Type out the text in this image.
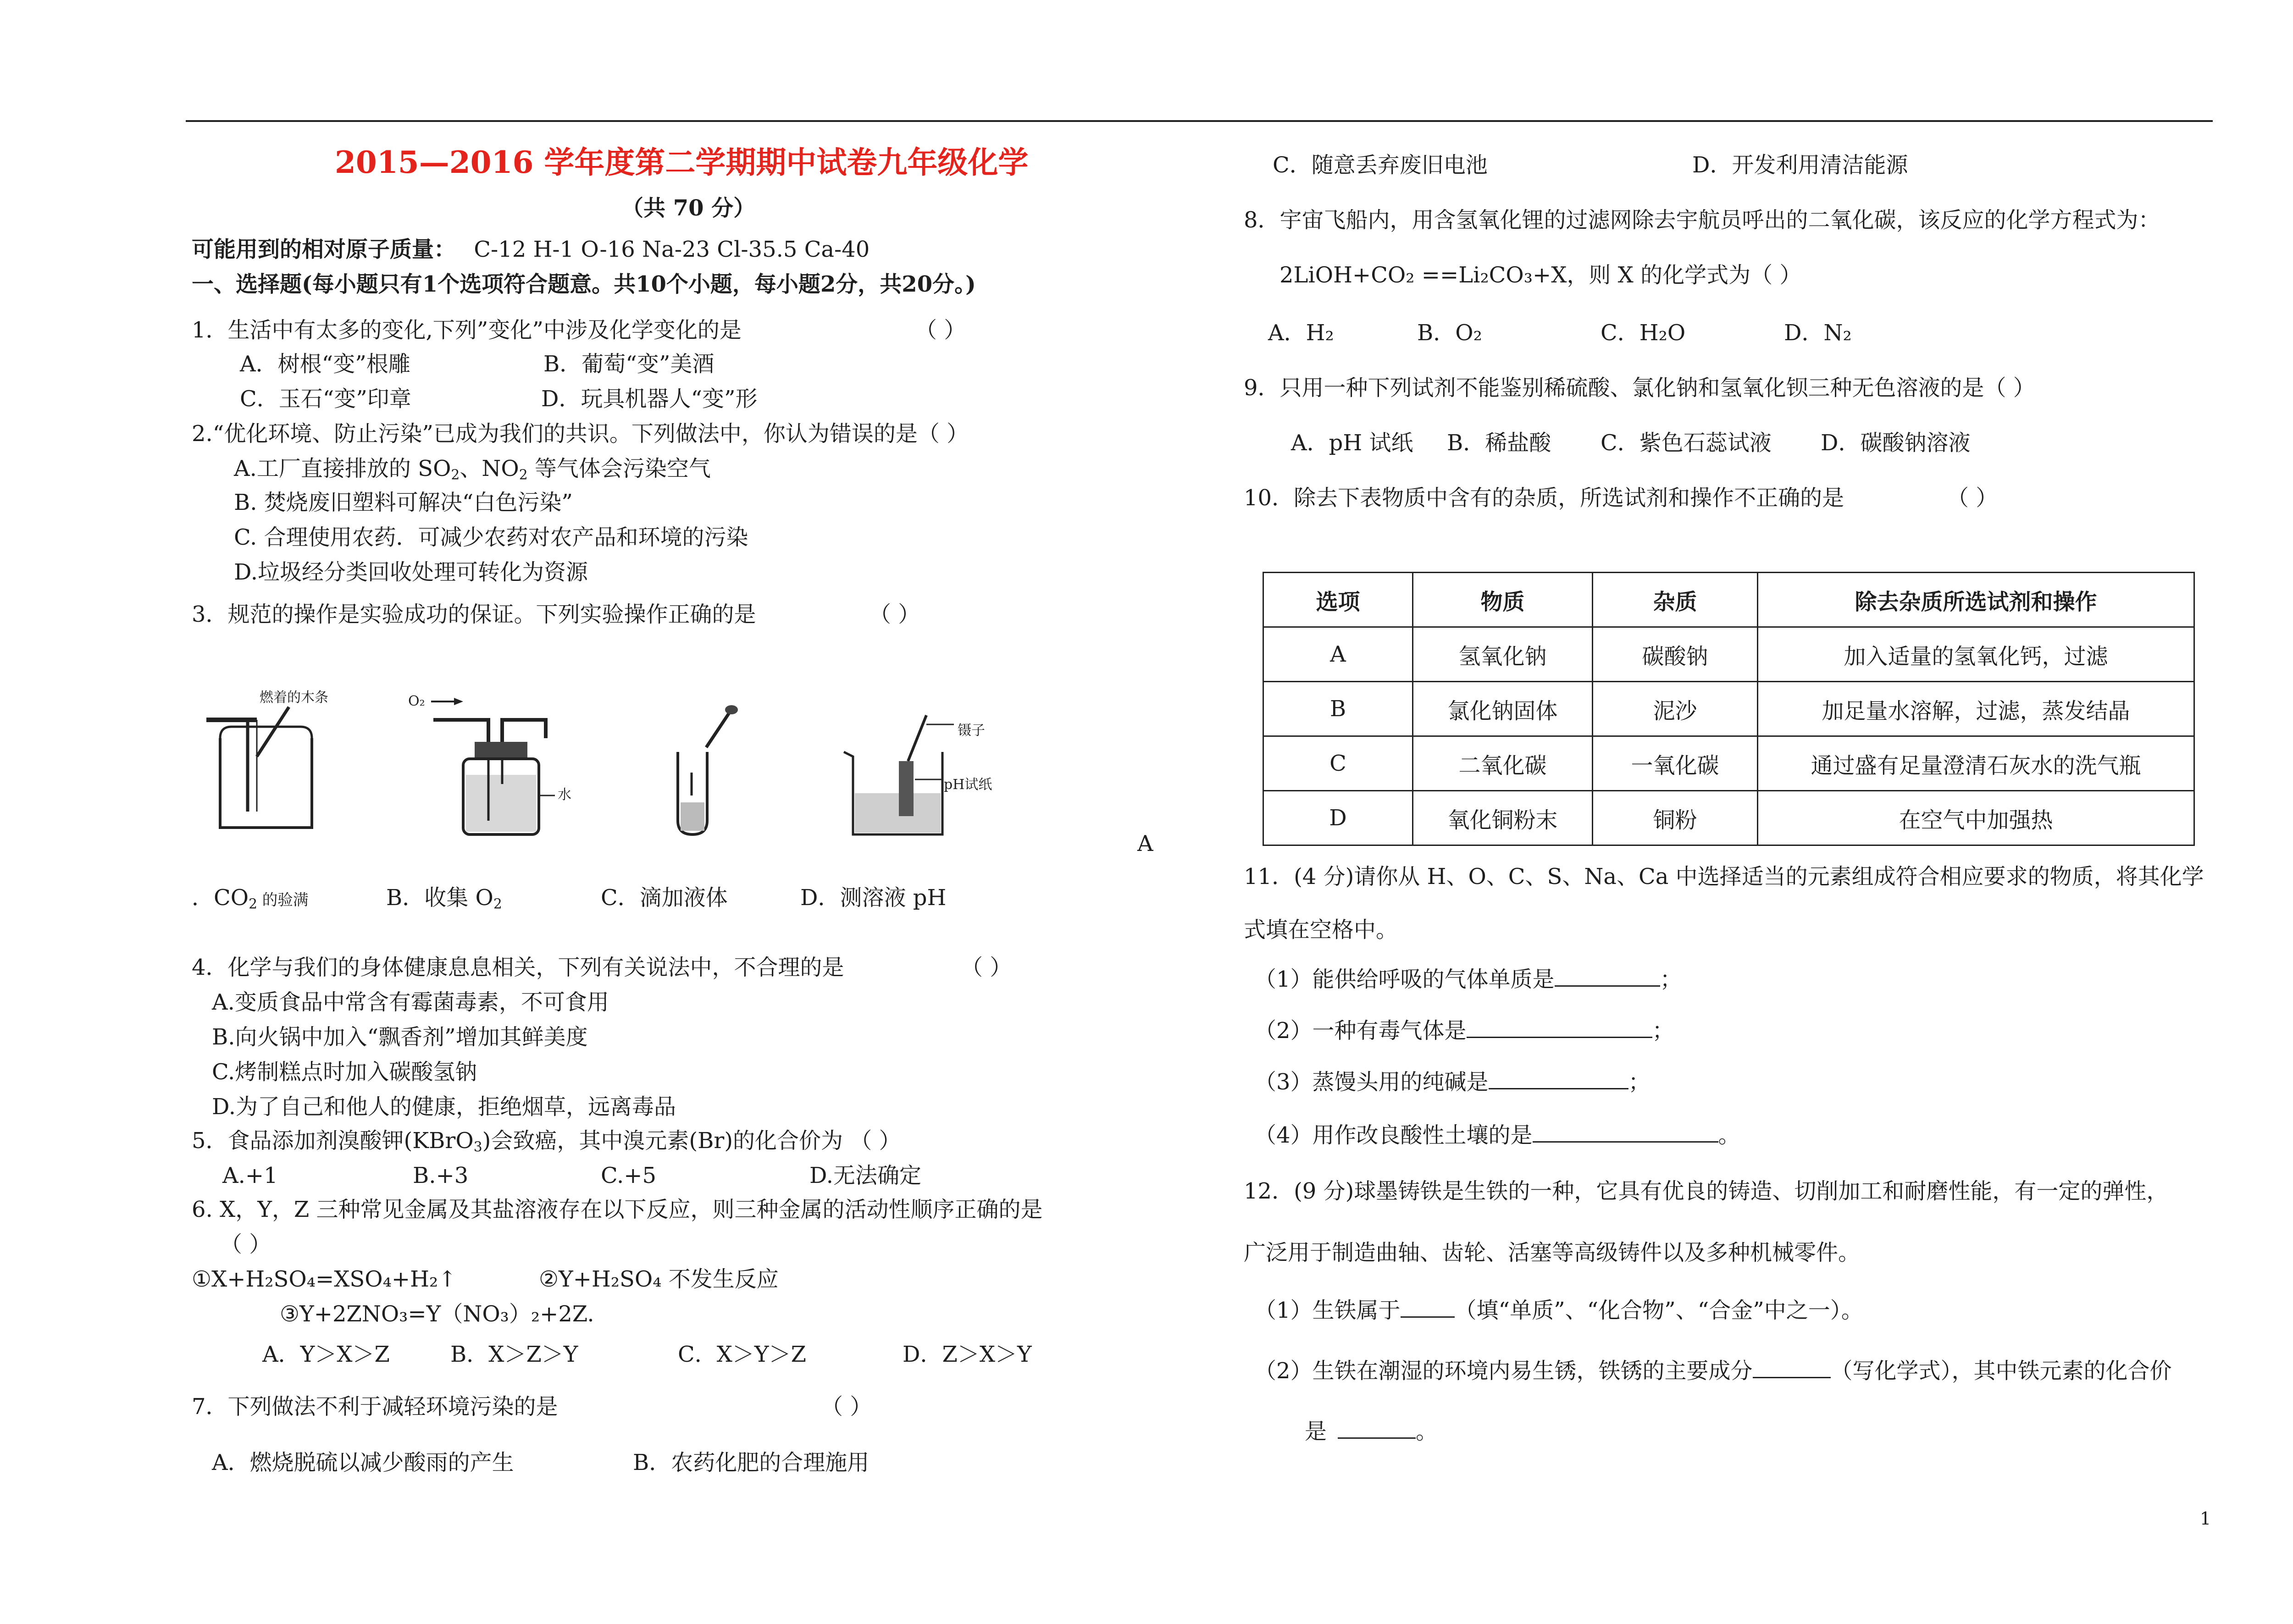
2015—2016 学年度第二学期期中试卷九年级化学
（共 70 分）
可能用到的相对原子质量： C-12 H-1 O-16 Na-23 Cl-35.5 Ca-40
一、选择题(每小题只有1个选项符合题意。共10个小题，每小题2分，共20分。)
1．生活中有太多的变化,下列”变化”中涉及化学变化的是	（ ）
A．树根“变”根雕	B．葡萄“变”美酒
C．玉石“变”印章	D．玩具机器人“变”形
2.“优化环境、防止污染”已成为我们的共识。下列做法中，你认为错误的是（ ）
A.工厂直接排放的 $SO_2$、$NO_2$ 等气体会污染空气
B. 焚烧废旧塑料可解决“白色污染”
C. 合理使用农药．可减少农药对农产品和环境的污染
D.垃圾经分类回收处理可转化为资源
3．规范的操作是实验成功的保证。下列实验操作正确的是	（ ）
燃着的木条	O₂
水
镊子
pH试纸
A
．$CO_2$ 的验满	B．收集 $O_2$	C．滴加液体	D．测溶液 pH
4．化学与我们的身体健康息息相关，下列有关说法中，不合理的是	（ ）
A.变质食品中常含有霉菌毒素，不可食用
B.向火锅中加入“飘香剂”增加其鲜美度
C.烤制糕点时加入碳酸氢钠
D.为了自己和他人的健康，拒绝烟草，远离毒品
5．食品添加剂溴酸钾(KBrO$_3$)会致癌，其中溴元素(Br)的化合价为 （ ）
A.+1	B.+3	C.+5	D.无法确定
6. X，Y，Z 三种常见金属及其盐溶液存在以下反应，则三种金属的活动性顺序正确的是
（ ）
①X+H₂SO₄=XSO₄+H₂↑	②Y+H₂SO₄ 不发生反应
③Y+2ZNO₃=Y（NO₃）₂+2Z.
A．Y＞X＞Z	B．X＞Z＞Y	C．X＞Y＞Z	D．Z＞X＞Y
7．下列做法不利于减轻环境污染的是	（ ）
A．燃烧脱硫以减少酸雨的产生	B．农药化肥的合理施用
C．随意丢弃废旧电池	D．开发利用清洁能源
8．宇宙飞船内，用含氢氧化锂的过滤网除去宇航员呼出的二氧化碳，该反应的化学方程式为：
2LiOH+CO₂ ==Li₂CO₃+X，则 X 的化学式为（ ）
A．H₂	B．O₂	C．H₂O	D．N₂
9．只用一种下列试剂不能鉴别稀硫酸、氯化钠和氢氧化钡三种无色溶液的是（ ）
A．pH 试纸 B．稀盐酸 C．紫色石蕊试液 D．碳酸钠溶液
10．除去下表物质中含有的杂质，所选试剂和操作不正确的是	（ ）
选项	物质	杂质	除去杂质所选试剂和操作
A	氢氧化钠	碳酸钠	加入适量的氢氧化钙，过滤
B	氯化钠固体	泥沙	加足量水溶解，过滤，蒸发结晶
C	二氧化碳	一氧化碳	通过盛有足量澄清石灰水的洗气瓶
D	氧化铜粉末	铜粉	在空气中加强热
11．(4 分)请你从 H、O、C、S、Na、Ca 中选择适当的元素组成符合相应要求的物质，将其化学
式填在空格中。
（1）能供给呼吸的气体单质是	；
（2）一种有毒气体是	；
（3）蒸馒头用的纯碱是	；
（4）用作改良酸性土壤的是	。
12．(9 分)球墨铸铁是生铁的一种，它具有优良的铸造、切削加工和耐磨性能，有一定的弹性，
广泛用于制造曲轴、齿轮、活塞等高级铸件以及多种机械零件。
（1）生铁属于 （填“单质”、“化合物”、“合金”中之一）。
（2）生铁在潮湿的环境内易生锈，铁锈的主要成分	（写化学式），其中铁元素的化合价
是	。
1
